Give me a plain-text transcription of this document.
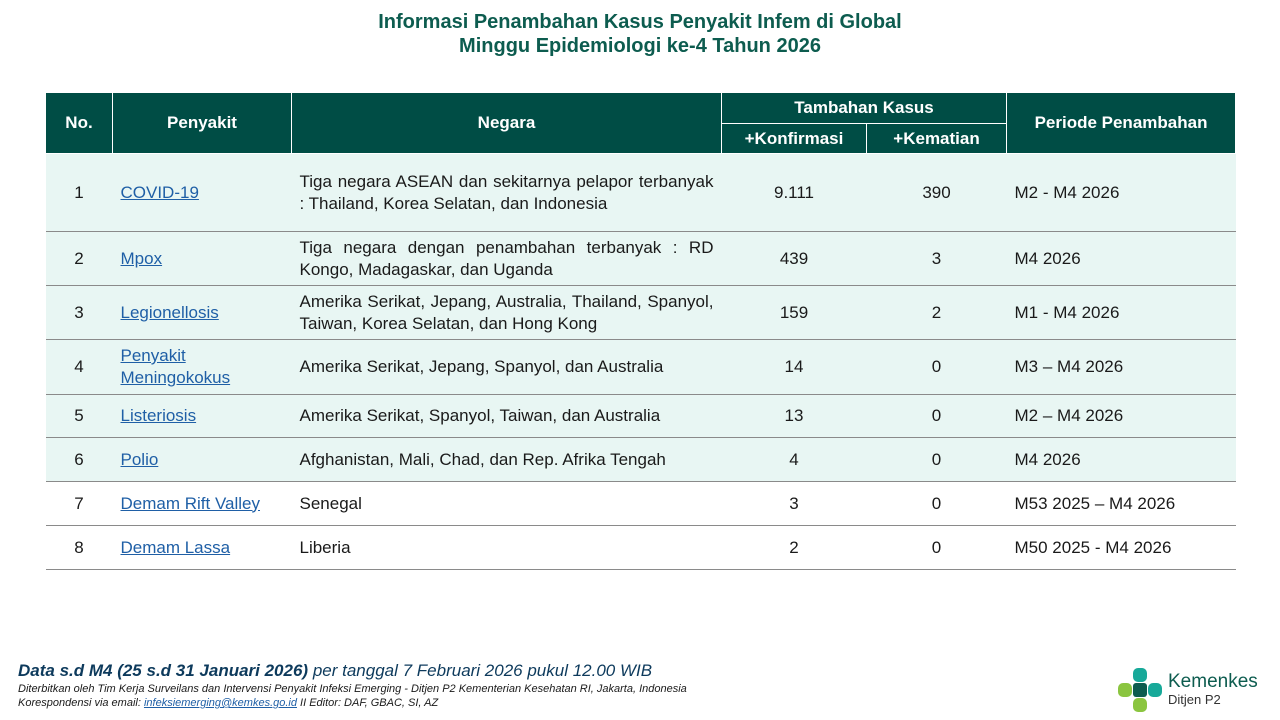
Informasi Penambahan Kasus Penyakit Infem di Global
Minggu Epidemiologi ke-4 Tahun 2026
No.	Penyakit	Negara	Tambahan Kasus		Periode Penambahan
			+Konfirmasi	+Kematian	
1	COVID-19	Tiga negara ASEAN dan sekitarnya pelapor terbanyak : Thailand, Korea Selatan, dan Indonesia	9.111	390	M2 - M4 2026
2	Mpox	Tiga negara dengan penambahan terbanyak : RD Kongo, Madagaskar, dan Uganda	439	3	M4 2026
3	Legionellosis	Amerika Serikat, Jepang, Australia, Thailand, Spanyol, Taiwan, Korea Selatan, dan Hong Kong	159	2	M1 - M4 2026
4	Penyakit Meningokokus	Amerika Serikat, Jepang, Spanyol, dan Australia	14	0	M3 – M4 2026
5	Listeriosis	Amerika Serikat, Spanyol, Taiwan, dan Australia	13	0	M2 – M4 2026
6	Polio	Afghanistan, Mali, Chad, dan Rep. Afrika Tengah	4	0	M4 2026
7	Demam Rift Valley	Senegal	3	0	M53 2025 – M4 2026
8	Demam Lassa	Liberia	2	0	M50 2025 - M4 2026
Data s.d M4 (25 s.d 31 Januari 2026) per tanggal 7 Februari 2026 pukul 12.00 WIB
Diterbitkan oleh Tim Kerja Surveilans dan Intervensi Penyakit Infeksi Emerging - Ditjen P2 Kementerian Kesehatan RI, Jakarta, Indonesia
Korespondensi via email: infeksiemerging@kemkes.go.id II Editor: DAF, GBAC, SI, AZ
Kemenkes
Ditjen P2
